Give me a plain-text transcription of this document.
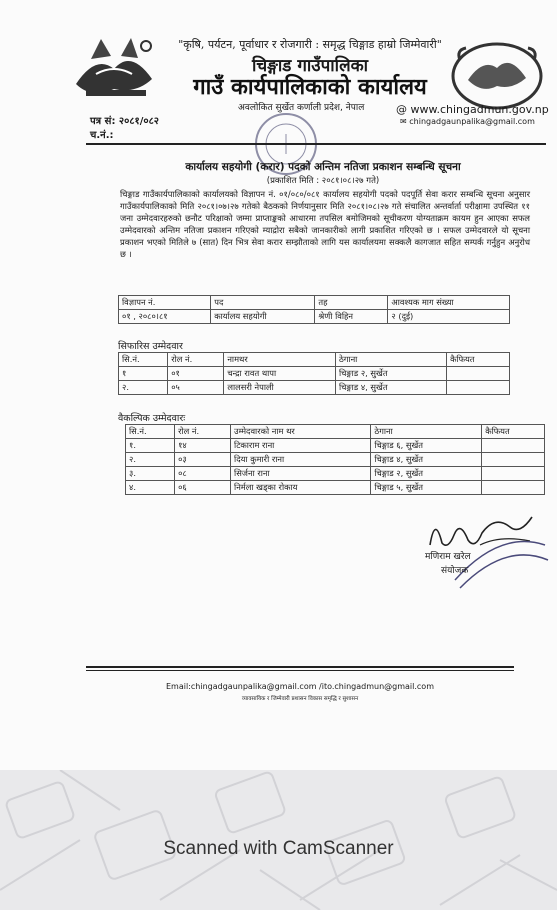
"कृषि, पर्यटन, पूर्वाधार र रोजगारी : समृद्ध चिङ्गाड हाम्रो जिम्मेवारी"
चिङ्गाड गाउँपालिका
गाउँ कार्यपालिकाको कार्यालय
अवलोकित सुर्खेत कर्णाली प्रदेश, नेपाल	@ www.chingadmun.gov.np
✉ chingadgaunpalika@gmail.com
पत्र सं: २०८१/०८२
च.नं.:
कार्यालय सहयोगी (करार) पदको अन्तिम नतिजा प्रकाशन सम्बन्धि सूचना
(प्रकाशित मिति : २०८१।०८।२७ गते)
चिङ्गाड गाउँकार्यपालिकाको कार्यालयको विज्ञापन नं. ०१/०८०/०८१ कार्यालय सहयोगी पदको पदपूर्ति सेवा करार सम्बन्धि सूचना अनुसार गाउँकार्यपालिकाको मिति २०८१।०७।२७ गतेको बैठकको निर्णयानुसार मिति २०८१।०८।२७ गते संचालित अन्तर्वार्ता परीक्षामा उपस्थित ११ जना उम्मेदवारहरुको छनौट परिक्षाको जम्मा प्राप्ताङ्कको आधारमा तपसिल बमोजिमको सूचीकरण योग्यताक्रम कायम हुन आएका सफल उम्मेदवारको अन्तिम नतिजा प्रकाशन गरिएको म्याद्रोरा सबैको जानकारीको लागी प्रकाशित गरिएको छ । सफल उम्मेदवारले यो सूचना प्रकाशन भएको मितिले ७ (सात) दिन भित्र सेवा करार सम्झौताको लागि यस कार्यालयमा सक्कलै कागजात सहित सम्पर्क गर्नुहुन अनुरोध छ ।
विज्ञापन नं.	पद	तह	आवश्यक माग संख्या
०१ , २०८०।८१	कार्यालय सहयोगी	श्रेणी विहिन	२ (दुई)
सिफारिस उम्मेदवार
सि.नं.	रोल नं.	नामथर	ठेगाना	कैफियत
१	०१	चन्द्रा रावत थापा	चिङ्गाड २, सुर्खेत	
२.	०५	लालसरी नेपाली	चिङ्गाड ४, सुर्खेत	
वैकल्पिक उम्मेदवारः
सि.नं.	रोल नं.	उम्मेदवारको नाम थर	ठेगाना	कैफियत
१.	१४	टिकाराम राना	चिङ्गाड ६, सुर्खेत	
२.	०३	दिया कुमारी राना	चिङ्गाड ४, सुर्खेत	
३.	०८	सिर्जना राना	चिङ्गाड २, सुर्खेत	
४.	०६	निर्मला खड्का रोकाय	चिङ्गाड ५, सुर्खेत	
मणिराम खरेल
संयोजक
Email:chingadgaunpalika@gmail.com /ito.chingadmun@gmail.com
व्यावसायिक र जिम्मेवारी प्रशासन विकास समृद्धि र सुशासन
Scanned with CamScanner
